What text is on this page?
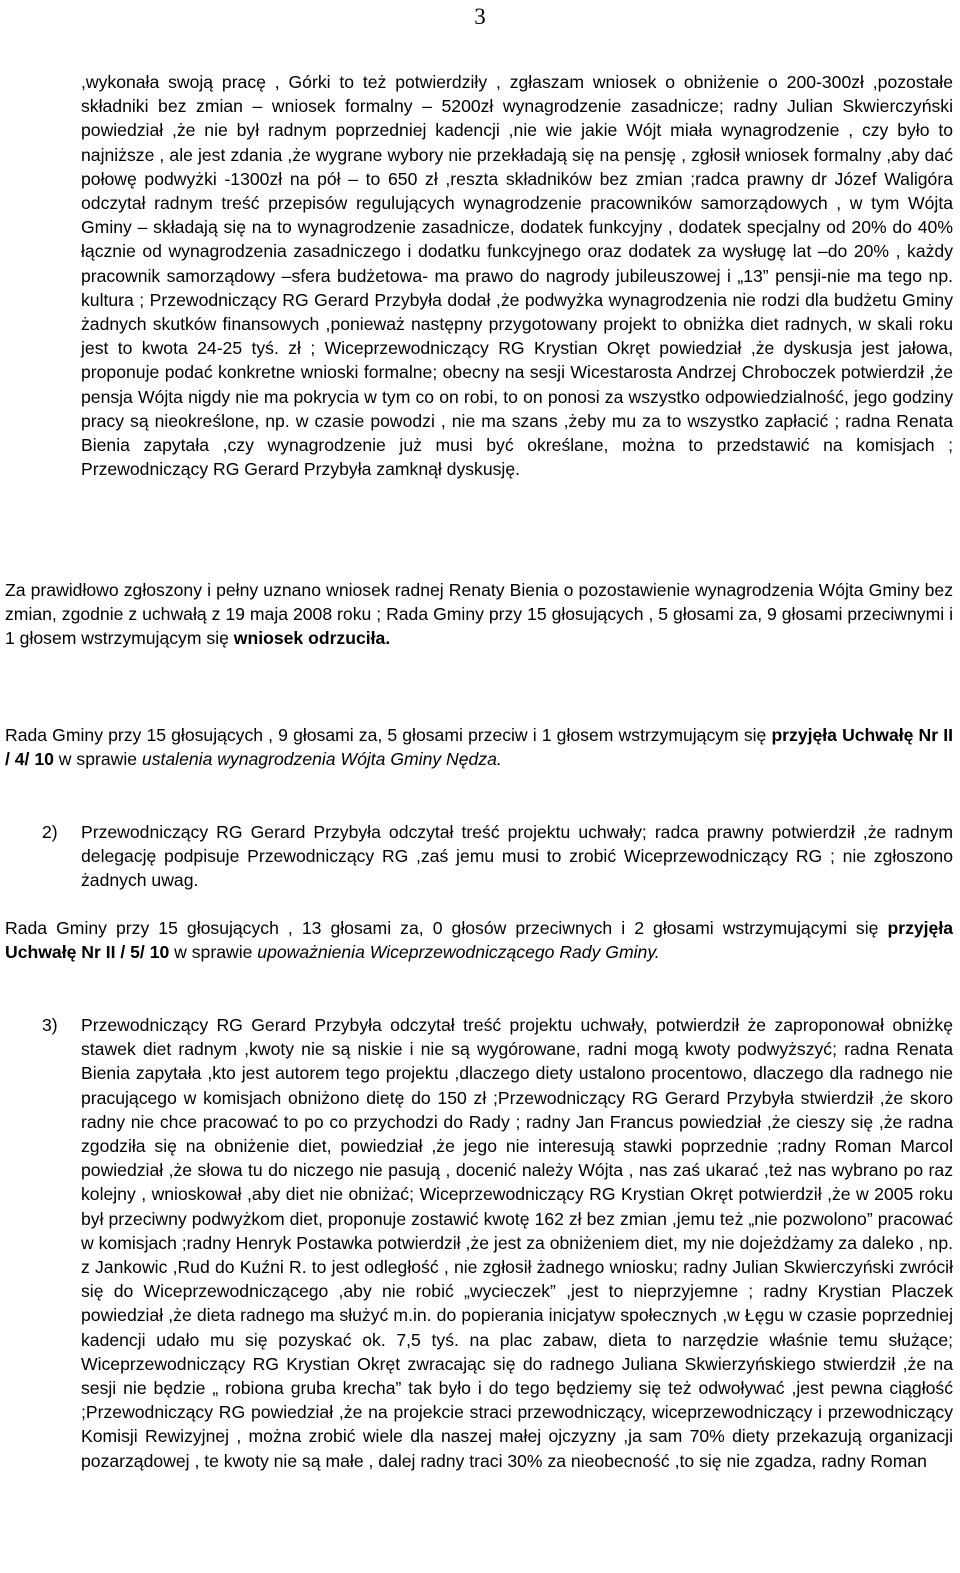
3

,wykonała swoją pracę , Górki to też potwierdziły , zgłaszam wniosek o obniżenie o 200-300zł ,pozostałe składniki bez zmian – wniosek formalny – 5200zł wynagrodzenie zasadnicze; radny Julian Skwierczyński powiedział ,że nie był radnym poprzedniej kadencji ,nie wie jakie Wójt miała wynagrodzenie , czy było to najniższe , ale jest zdania ,że wygrane wybory nie przekładają się na pensję , zgłosił wniosek formalny ,aby dać połowę podwyżki -1300zł na pół – to 650 zł ,reszta składników bez zmian ;radca prawny dr Józef Waligóra odczytał radnym treść przepisów regulujących wynagrodzenie pracowników samorządowych , w tym Wójta Gminy – składają się na to wynagrodzenie zasadnicze, dodatek funkcyjny , dodatek specjalny od 20% do 40% łącznie od wynagrodzenia zasadniczego i dodatku funkcyjnego oraz dodatek za wysługę lat –do 20% , każdy pracownik samorządowy –sfera budżetowa- ma prawo do nagrody jubileuszowej i „13” pensji-nie ma tego np. kultura ; Przewodniczący RG Gerard Przybyła dodał ,że podwyżka wynagrodzenia nie rodzi dla budżetu Gminy żadnych skutków finansowych ,ponieważ następny przygotowany projekt to obniżka diet radnych, w skali roku jest to kwota 24-25 tyś. zł ; Wiceprzewodniczący RG Krystian Okręt powiedział ,że dyskusja jest jałowa, proponuje podać konkretne wnioski formalne; obecny na sesji Wicestarosta Andrzej Chroboczek potwierdził ,że pensja Wójta nigdy nie ma pokrycia w tym co on robi, to on ponosi za wszystko odpowiedzialność, jego godziny pracy są nieokreślone, np. w czasie powodzi , nie ma szans ,żeby mu za to wszystko zapłacić ; radna Renata Bienia zapytała ,czy wynagrodzenie już musi być określane, można to przedstawić na komisjach ; Przewodniczący RG Gerard Przybyła zamknął dyskusję.

Za prawidłowo zgłoszony i pełny uznano wniosek radnej Renaty Bienia o pozostawienie wynagrodzenia Wójta Gminy bez zmian, zgodnie z uchwałą z 19 maja 2008 roku ; Rada Gminy przy 15 głosujących , 5 głosami za, 9 głosami przeciwnymi i 1 głosem wstrzymującym się wniosek odrzuciła.

Rada Gminy przy 15 głosujących , 9 głosami za, 5 głosami przeciw i 1 głosem wstrzymującym się przyjęła Uchwałę Nr II / 4/ 10 w sprawie ustalenia wynagrodzenia Wójta Gminy Nędza.

2) Przewodniczący RG Gerard Przybyła odczytał treść projektu uchwały; radca prawny potwierdził ,że radnym delegację podpisuje Przewodniczący RG ,zaś jemu musi to zrobić Wiceprzewodniczący RG ; nie zgłoszono żadnych uwag.

Rada Gminy przy 15 głosujących , 13 głosami za, 0 głosów przeciwnych i 2 głosami wstrzymującymi się przyjęła Uchwałę Nr II / 5/ 10 w sprawie upoważnienia Wiceprzewodniczącego Rady Gminy.

3) Przewodniczący RG Gerard Przybyła odczytał treść projektu uchwały, potwierdził że zaproponował obniżkę stawek diet radnym ,kwoty nie są niskie i nie są wygórowane, radni mogą kwoty podwyższyć; radna Renata Bienia zapytała ,kto jest autorem tego projektu ,dlaczego diety ustalono procentowo, dlaczego dla radnego nie pracującego w komisjach obniżono dietę do 150 zł ;Przewodniczący RG Gerard Przybyła stwierdził ,że skoro radny nie chce pracować to po co przychodzi do Rady ; radny Jan Francus powiedział ,że cieszy się ,że radna zgodziła się na obniżenie diet, powiedział ,że jego nie interesują stawki poprzednie ;radny Roman Marcol powiedział ,że słowa tu do niczego nie pasują , docenić należy Wójta , nas zaś ukarać ,też nas wybrano po raz kolejny , wnioskował ,aby diet nie obniżać; Wiceprzewodniczący RG Krystian Okręt potwierdził ,że w 2005 roku był przeciwny podwyżkom diet, proponuje zostawić kwotę 162 zł bez zmian ,jemu też „nie pozwolono” pracować w komisjach ;radny Henryk Postawka potwierdził ,że jest za obniżeniem diet, my nie dojeżdżamy za daleko , np. z Jankowic ,Rud do Kuźni R. to jest odległość , nie zgłosił żadnego wniosku; radny Julian Skwierczyński zwrócił się do Wiceprzewodniczącego ,aby nie robić „wycieczek” ,jest to nieprzyjemne ; radny Krystian Placzek powiedział ,że dieta radnego ma służyć m.in. do popierania inicjatyw społecznych ,w Łęgu w czasie poprzedniej kadencji udało mu się pozyskać ok. 7,5 tyś. na plac zabaw, dieta to narzędzie właśnie temu służące; Wiceprzewodniczący RG Krystian Okręt zwracając się do radnego Juliana Skwierzyńskiego stwierdził ,że na sesji nie będzie „ robiona gruba krecha” tak było i do tego będziemy się też odwoływać ,jest pewna ciągłość ;Przewodniczący RG powiedział ,że na projekcie straci przewodniczący, wiceprzewodniczący i przewodniczący Komisji Rewizyjnej , można zrobić wiele dla naszej małej ojczyzny ,ja sam 70% diety przekazują organizacji pozarządowej , te kwoty nie są małe , dalej radny traci 30% za nieobecność ,to się nie zgadza, radny Roman
